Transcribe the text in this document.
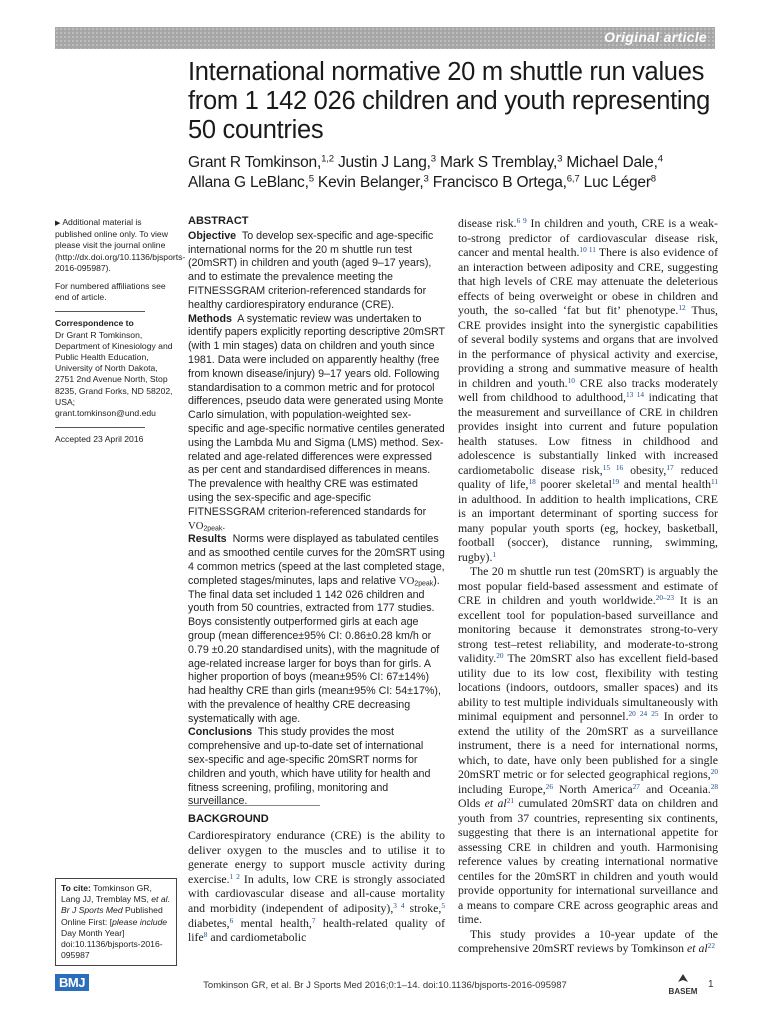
Original article
International normative 20 m shuttle run values
from 1 142 026 children and youth representing
50 countries
Grant R Tomkinson,$^{1,2}$ Justin J Lang,$^3$ Mark S Tremblay,$^3$ Michael Dale,$^4$
Allana G LeBlanc,$^5$ Kevin Belanger,$^3$ Francisco B Ortega,$^{6,7}$ Luc Léger$^8$

▶ Additional material is published online only. To view please visit the journal online (http://dx.doi.org/10.1136/bjsports-2016-095987).

For numbered affiliations see end of article.

Correspondence to
Dr Grant R Tomkinson, Department of Kinesiology and Public Health Education, University of North Dakota, 2751 2nd Avenue North, Stop 8235, Grand Forks, ND 58202, USA; grant.tomkinson@und.edu

Accepted 23 April 2016

To cite: Tomkinson GR, Lang JJ, Tremblay MS, et al. Br J Sports Med Published Online First: [please include Day Month Year] doi:10.1136/bjsports-2016-095987

ABSTRACT

Objective To develop sex-specific and age-specific international norms for the 20 m shuttle run test (20mSRT) in children and youth (aged 9–17 years), and to estimate the prevalence meeting the FITNESSGRAM criterion-referenced standards for healthy cardiorespiratory endurance (CRE).

Methods A systematic review was undertaken to identify papers explicitly reporting descriptive 20mSRT (with 1 min stages) data on children and youth since 1981. Data were included on apparently healthy (free from known disease/injury) 9–17 years old. Following standardisation to a common metric and for protocol differences, pseudo data were generated using Monte Carlo simulation, with population-weighted sex-specific and age-specific normative centiles generated using the Lambda Mu and Sigma (LMS) method. Sex-related and age-related differences were expressed as per cent and standardised differences in means. The prevalence with healthy CRE was estimated using the sex-specific and age-specific FITNESSGRAM criterion-referenced standards for $VO_{2peak}$.

Results Norms were displayed as tabulated centiles and as smoothed centile curves for the 20mSRT using 4 common metrics (speed at the last completed stage, completed stages/minutes, laps and relative $VO_{2peak}$). The final data set included 1 142 026 children and youth from 50 countries, extracted from 177 studies. Boys consistently outperformed girls at each age group (mean difference±95% CI: 0.86±0.28 km/h or 0.79 ±0.20 standardised units), with the magnitude of age-related increase larger for boys than for girls. A higher proportion of boys (mean±95% CI: 67±14%) had healthy CRE than girls (mean±95% CI: 54±17%), with the prevalence of healthy CRE decreasing systematically with age.

Conclusions This study provides the most comprehensive and up-to-date set of international sex-specific and age-specific 20mSRT norms for children and youth, which have utility for health and fitness screening, profiling, monitoring and surveillance.

BACKGROUND

Cardiorespiratory endurance (CRE) is the ability to deliver oxygen to the muscles and to utilise it to generate energy to support muscle activity during exercise.$^{1 2}$ In adults, low CRE is strongly associated with cardiovascular disease and all-cause mortality and morbidity (independent of adiposity),$^{3 4}$ stroke,$^5$ diabetes,$^6$ mental health,$^7$ health-related quality of life$^8$ and cardiometabolic

disease risk.$^{6 9}$ In children and youth, CRE is a weak-to-strong predictor of cardiovascular disease risk, cancer and mental health.$^{10 11}$ There is also evidence of an interaction between adiposity and CRE, suggesting that high levels of CRE may attenuate the deleterious effects of being overweight or obese in children and youth, the so-called ‘fat but fit’ phenotype.$^{12}$ Thus, CRE provides insight into the synergistic capabilities of several bodily systems and organs that are involved in the performance of physical activity and exercise, providing a strong and summative measure of health in children and youth.$^{10}$ CRE also tracks moderately well from childhood to adulthood,$^{13 14}$ indicating that the measurement and surveillance of CRE in children provides insight into current and future population health statuses. Low fitness in childhood and adolescence is substantially linked with increased cardiometabolic disease risk,$^{15 16}$ obesity,$^{17}$ reduced quality of life,$^{18}$ poorer skeletal$^{19}$ and mental health$^{11}$ in adulthood. In addition to health implications, CRE is an important determinant of sporting success for many popular youth sports (eg, hockey, basketball, football (soccer), distance running, swimming, rugby).$^1$

The 20 m shuttle run test (20mSRT) is arguably the most popular field-based assessment and estimate of CRE in children and youth worldwide.$^{20-23}$ It is an excellent tool for population-based surveillance and monitoring because it demonstrates strong-to-very strong test–retest reliability, and moderate-to-strong validity.$^{20}$ The 20mSRT also has excellent field-based utility due to its low cost, flexibility with testing locations (indoors, outdoors, smaller spaces) and its ability to test multiple individuals simultaneously with minimal equipment and personnel.$^{20 24 25}$ In order to extend the utility of the 20mSRT as a surveillance instrument, there is a need for international norms, which, to date, have only been published for a single 20mSRT metric or for selected geographical regions,$^{20}$ including Europe,$^{26}$ North America$^{27}$ and Oceania.$^{28}$ Olds et al$^{21}$ cumulated 20mSRT data on children and youth from 37 countries, representing six continents, suggesting that there is an international appetite for assessing CRE in children and youth. Harmonising reference values by creating international normative centiles for the 20mSRT in children and youth would provide opportunity for international surveillance and a means to compare CRE across geographic areas and time.

This study provides a 10-year update of the comprehensive 20mSRT reviews by Tomkinson et al$^{22}$

BMJ	Tomkinson GR, et al. Br J Sports Med 2016;0:1–14. doi:10.1136/bjsports-2016-095987
BASEM
1
